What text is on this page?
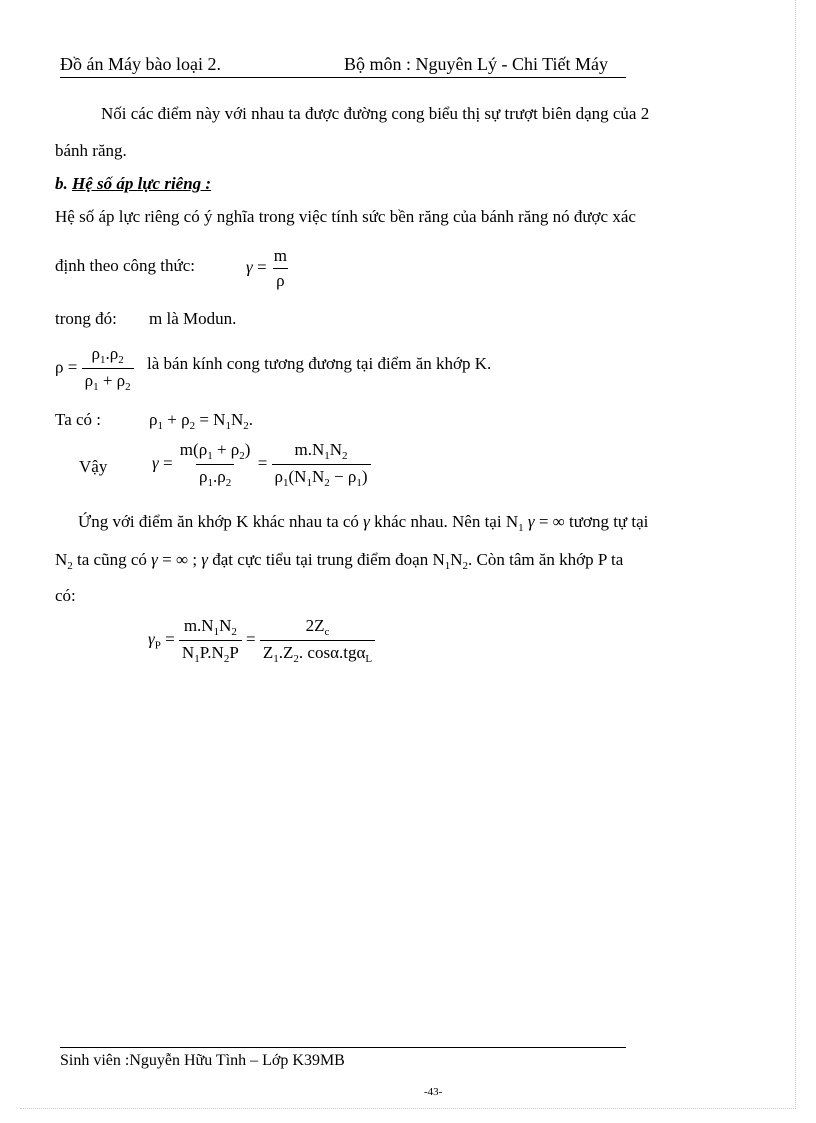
Đồ án Máy bào loại 2.	Bộ môn : Nguyên Lý - Chi Tiết Máy
Nối các điểm này với nhau ta được đường cong biểu thị sự trượt biên dạng của 2
bánh răng.
b. Hệ số áp lực riêng :
Hệ số áp lực riêng có ý nghĩa trong việc tính sức bền răng của bánh răng nó được xác
định theo công thức:	$\gamma = \frac{m}{\rho}$
trong đó: m là Modun.
$\rho = \frac{\rho_1.\rho_2}{\rho_1 + \rho_2}$ là bán kính cong tương đương tại điểm ăn khớp K.
Ta có :	$\rho_1 + \rho_2 = N_1N_2$.
Vậy	$\gamma = \frac{m(\rho_1 + \rho_2)}{\rho_1.\rho_2} = \frac{m.N_1N_2}{\rho_1(N_1N_2 - \rho_1)}$
Ứng với điểm ăn khớp K khác nhau ta có γ khác nhau. Nên tại $N_1$ γ = ∞ tương tự tại
$N_2$ ta cũng có γ = ∞ ; γ đạt cực tiểu tại trung điểm đoạn $N_1N_2$. Còn tâm ăn khớp P ta
có:
$\gamma_P = \frac{m.N_1N_2}{N_1P.N_2P} = \frac{2Z_c}{Z_1.Z_2. \cos\alpha.tg\alpha_L}$
Sinh viên :Nguyễn Hữu Tình – Lớp K39MB
-43-
